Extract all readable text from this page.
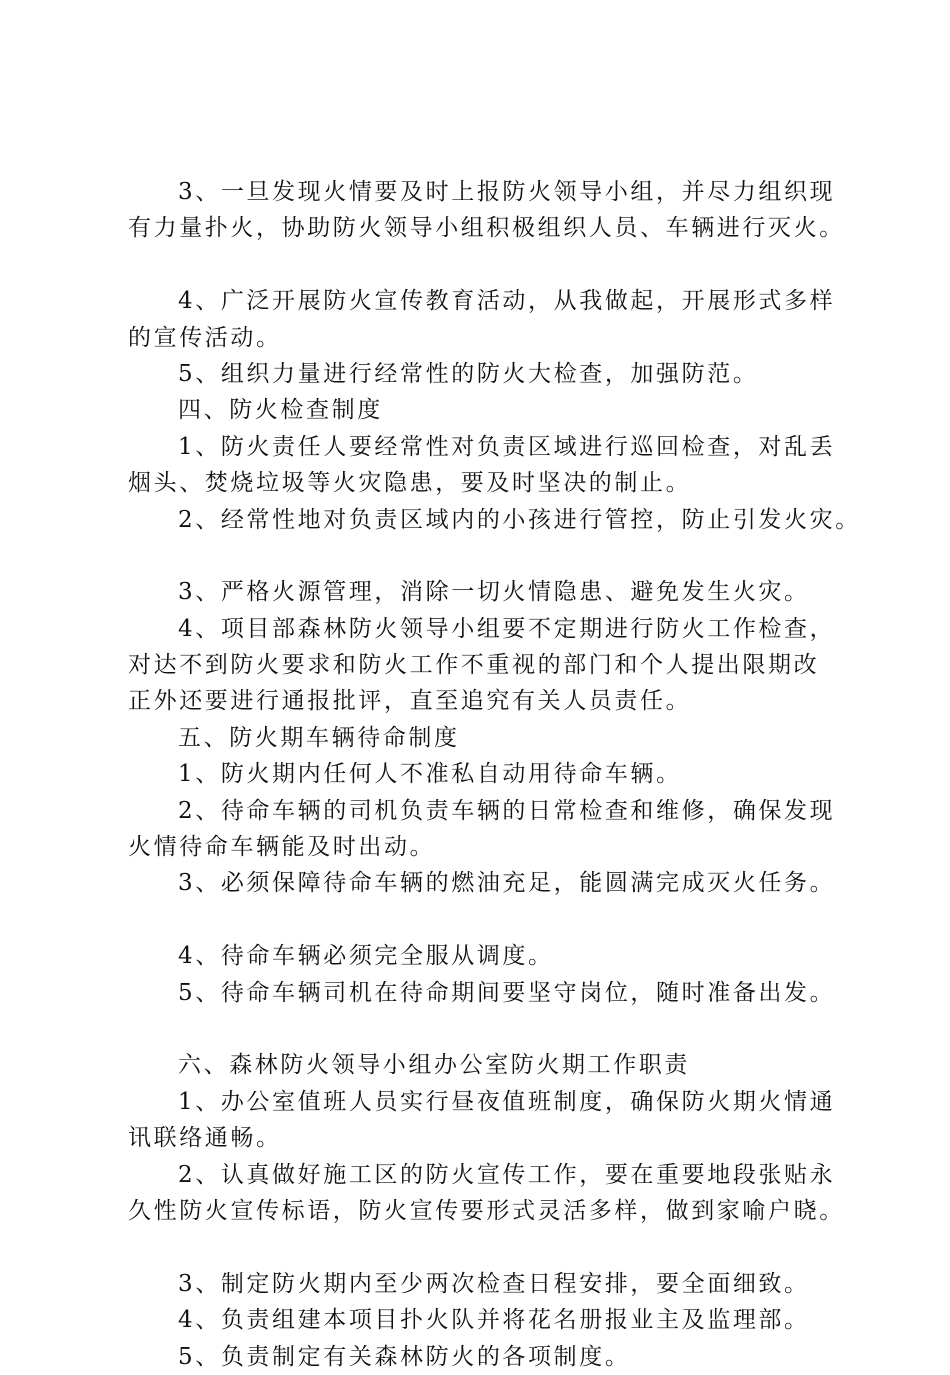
3、一旦发现火情要及时上报防火领导小组，并尽力组织现
有力量扑火，协助防火领导小组积极组织人员、车辆进行灭火。
4、广泛开展防火宣传教育活动，从我做起，开展形式多样
的宣传活动。
5、组织力量进行经常性的防火大检查，加强防范。
四、防火检查制度
1、防火责任人要经常性对负责区域进行巡回检查，对乱丢
烟头、焚烧垃圾等火灾隐患，要及时坚决的制止。
2、经常性地对负责区域内的小孩进行管控，防止引发火灾。
3、严格火源管理，消除一切火情隐患、避免发生火灾。
4、项目部森林防火领导小组要不定期进行防火工作检查，
对达不到防火要求和防火工作不重视的部门和个人提出限期改
正外还要进行通报批评，直至追究有关人员责任。
五、防火期车辆待命制度
1、防火期内任何人不准私自动用待命车辆。
2、待命车辆的司机负责车辆的日常检查和维修，确保发现
火情待命车辆能及时出动。
3、必须保障待命车辆的燃油充足，能圆满完成灭火任务。
4、待命车辆必须完全服从调度。
5、待命车辆司机在待命期间要坚守岗位，随时准备出发。
六、森林防火领导小组办公室防火期工作职责
1、办公室值班人员实行昼夜值班制度，确保防火期火情通
讯联络通畅。
2、认真做好施工区的防火宣传工作，要在重要地段张贴永
久性防火宣传标语，防火宣传要形式灵活多样，做到家喻户晓。
3、制定防火期内至少两次检查日程安排，要全面细致。
4、负责组建本项目扑火队并将花名册报业主及监理部。
5、负责制定有关森林防火的各项制度。
